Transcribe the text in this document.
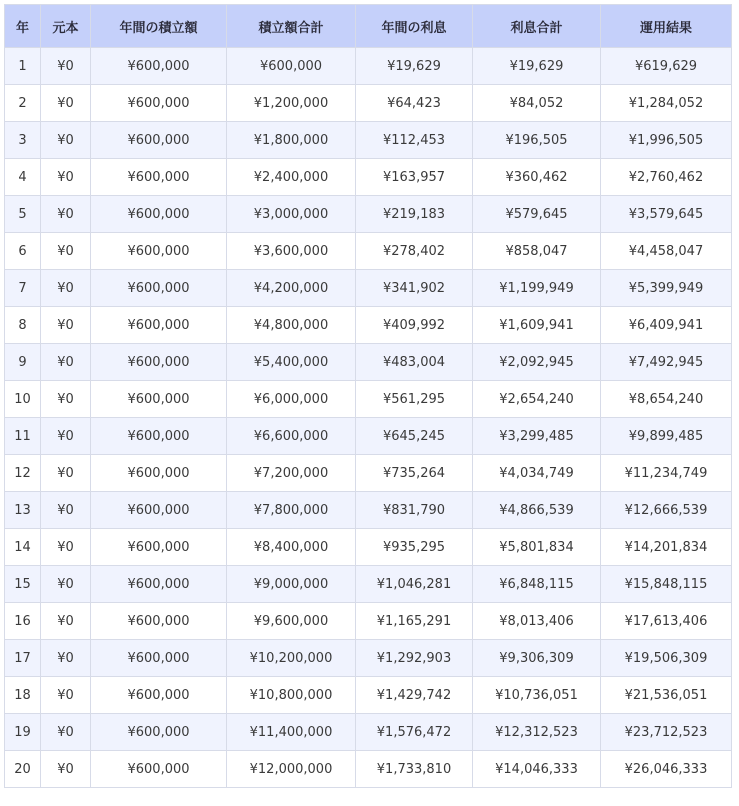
年	元本	年間の積立額	積立額合計	年間の利息	利息合計	運用結果
1	¥0	¥600,000	¥600,000	¥19,629	¥19,629	¥619,629
2	¥0	¥600,000	¥1,200,000	¥64,423	¥84,052	¥1,284,052
3	¥0	¥600,000	¥1,800,000	¥112,453	¥196,505	¥1,996,505
4	¥0	¥600,000	¥2,400,000	¥163,957	¥360,462	¥2,760,462
5	¥0	¥600,000	¥3,000,000	¥219,183	¥579,645	¥3,579,645
6	¥0	¥600,000	¥3,600,000	¥278,402	¥858,047	¥4,458,047
7	¥0	¥600,000	¥4,200,000	¥341,902	¥1,199,949	¥5,399,949
8	¥0	¥600,000	¥4,800,000	¥409,992	¥1,609,941	¥6,409,941
9	¥0	¥600,000	¥5,400,000	¥483,004	¥2,092,945	¥7,492,945
10	¥0	¥600,000	¥6,000,000	¥561,295	¥2,654,240	¥8,654,240
11	¥0	¥600,000	¥6,600,000	¥645,245	¥3,299,485	¥9,899,485
12	¥0	¥600,000	¥7,200,000	¥735,264	¥4,034,749	¥11,234,749
13	¥0	¥600,000	¥7,800,000	¥831,790	¥4,866,539	¥12,666,539
14	¥0	¥600,000	¥8,400,000	¥935,295	¥5,801,834	¥14,201,834
15	¥0	¥600,000	¥9,000,000	¥1,046,281	¥6,848,115	¥15,848,115
16	¥0	¥600,000	¥9,600,000	¥1,165,291	¥8,013,406	¥17,613,406
17	¥0	¥600,000	¥10,200,000	¥1,292,903	¥9,306,309	¥19,506,309
18	¥0	¥600,000	¥10,800,000	¥1,429,742	¥10,736,051	¥21,536,051
19	¥0	¥600,000	¥11,400,000	¥1,576,472	¥12,312,523	¥23,712,523
20	¥0	¥600,000	¥12,000,000	¥1,733,810	¥14,046,333	¥26,046,333
